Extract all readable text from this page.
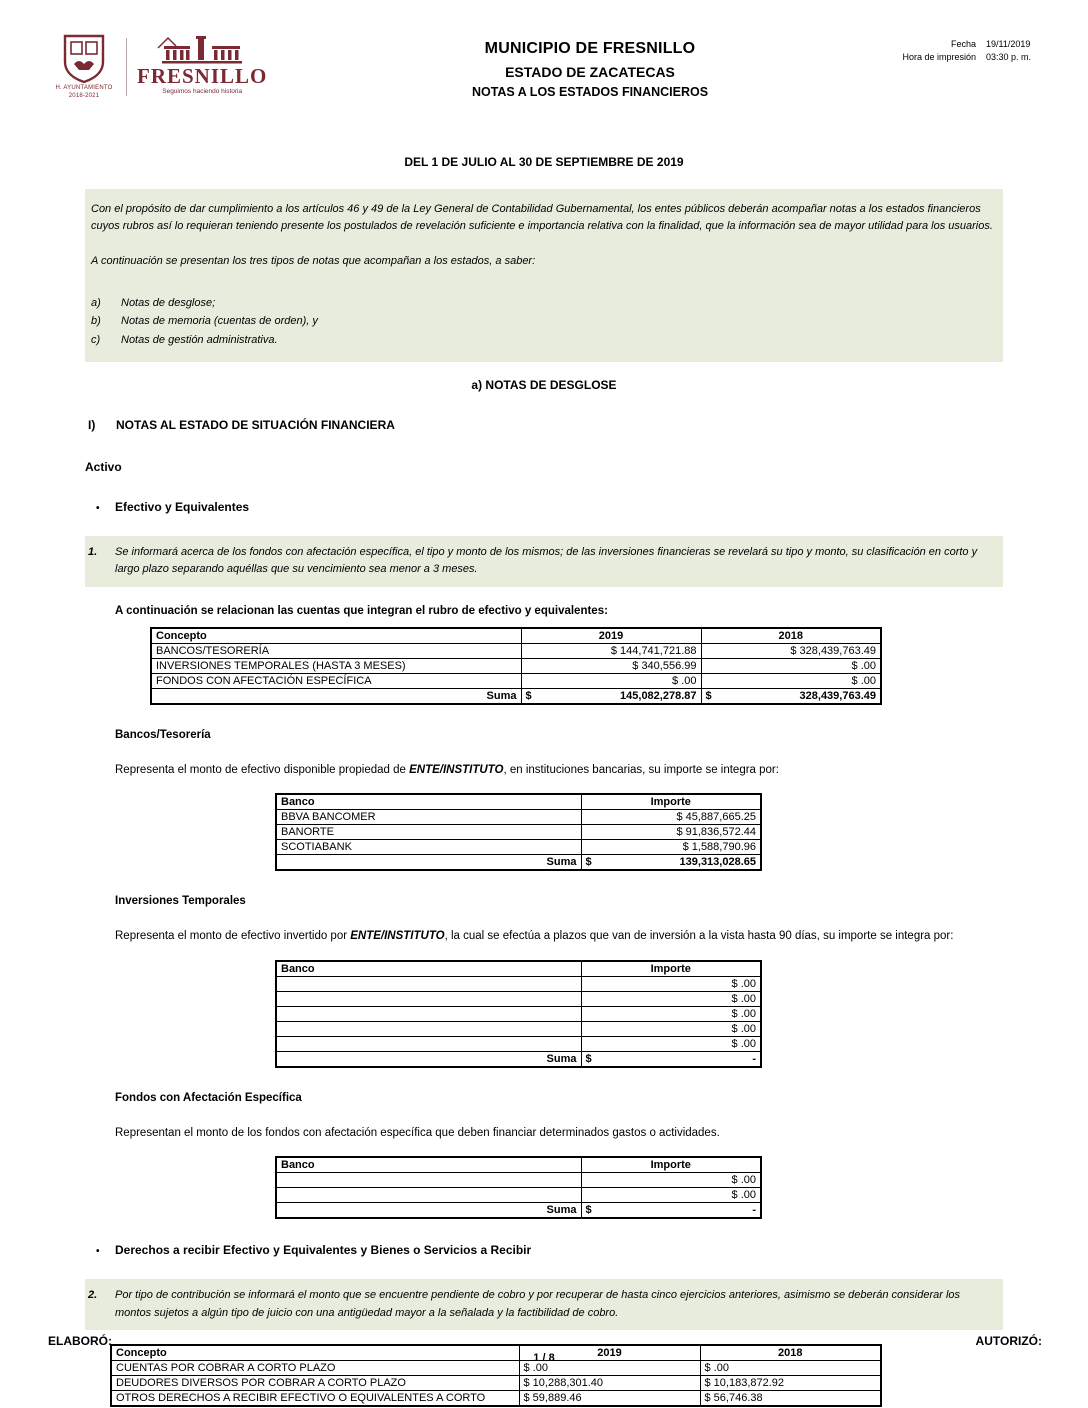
H. AYUNTAMIENTO
2018-2021
FRESNILLO
Seguimos haciendo historia
MUNICIPIO DE FRESNILLO
ESTADO DE ZACATECAS
NOTAS A LOS ESTADOS FINANCIEROS
Fecha 19/11/2019
Hora de impresión 03:30 p. m.
DEL 1 DE JULIO AL 30 DE SEPTIEMBRE DE 2019

Con el propósito de dar cumplimiento a los artículos 46 y 49 de la Ley General de Contabilidad Gubernamental, los entes públicos deberán acompañar notas a los estados financieros cuyos rubros así lo requieran teniendo presente los postulados de revelación suficiente e importancia relativa con la finalidad, que la información sea de mayor utilidad para los usuarios.

A continuación se presentan los tres tipos de notas que acompañan a los estados, a saber:

a)	Notas de desglose;
b)	Notas de memoria (cuentas de orden), y
c)	Notas de gestión administrativa.
a) NOTAS DE DESGLOSE
I)	NOTAS AL ESTADO DE SITUACIÓN FINANCIERA
Activo
•	Efectivo y Equivalentes
1.	Se informará acerca de los fondos con afectación específica, el tipo y monto de los mismos; de las inversiones financieras se revelará su tipo y monto, su clasificación en corto y largo plazo separando aquéllas que su vencimiento sea menor a 3 meses.

A continuación se relacionan las cuentas que integran el rubro de efectivo y equivalentes:

Concepto	2019	2018
BANCOS/TESORERÍA	$ 144,741,721.88	$ 328,439,763.49
INVERSIONES TEMPORALES (HASTA 3 MESES)	$ 340,556.99	$ .00
FONDOS CON AFECTACIÓN ESPECÍFICA	$ .00	$ .00
Suma	$ 145,082,278.87	$ 328,439,763.49
Bancos/Tesorería

Representa el monto de efectivo disponible propiedad de ENTE/INSTITUTO, en instituciones bancarias, su importe se integra por:

Banco	Importe
BBVA BANCOMER	$ 45,887,665.25
BANORTE	$ 91,836,572.44
SCOTIABANK	$ 1,588,790.96
Suma	$ 139,313,028.65
Inversiones Temporales

Representa el monto de efectivo invertido por ENTE/INSTITUTO, la cual se efectúa a plazos que van de inversión a la vista hasta 90 días, su importe se integra por:

Banco	Importe
	$ .00
	$ .00
	$ .00
	$ .00
	$ .00
Suma	$ -
Fondos con Afectación Específica

Representan el monto de los fondos con afectación específica que deben financiar determinados gastos o actividades.

Banco	Importe
	$ .00
	$ .00
Suma	$ -
•	Derechos a recibir Efectivo y Equivalentes y Bienes o Servicios a Recibir
2.	Por tipo de contribución se informará el monto que se encuentre pendiente de cobro y por recuperar de hasta cinco ejercicios anteriores, asimismo se deberán considerar los montos sujetos a algún tipo de juicio con una antigüedad mayor a la señalada y la factibilidad de cobro.

Concepto	2019	2018
CUENTAS POR COBRAR A CORTO PLAZO	$ .00	$ .00
DEUDORES DIVERSOS POR COBRAR A CORTO PLAZO	$ 10,288,301.40	$ 10,183,872.92
OTROS DERECHOS A RECIBIR EFECTIVO O EQUIVALENTES A CORTO	$ 59,889.46	$ 56,746.38
ELABORÓ:	AUTORIZÓ:
1 / 8
